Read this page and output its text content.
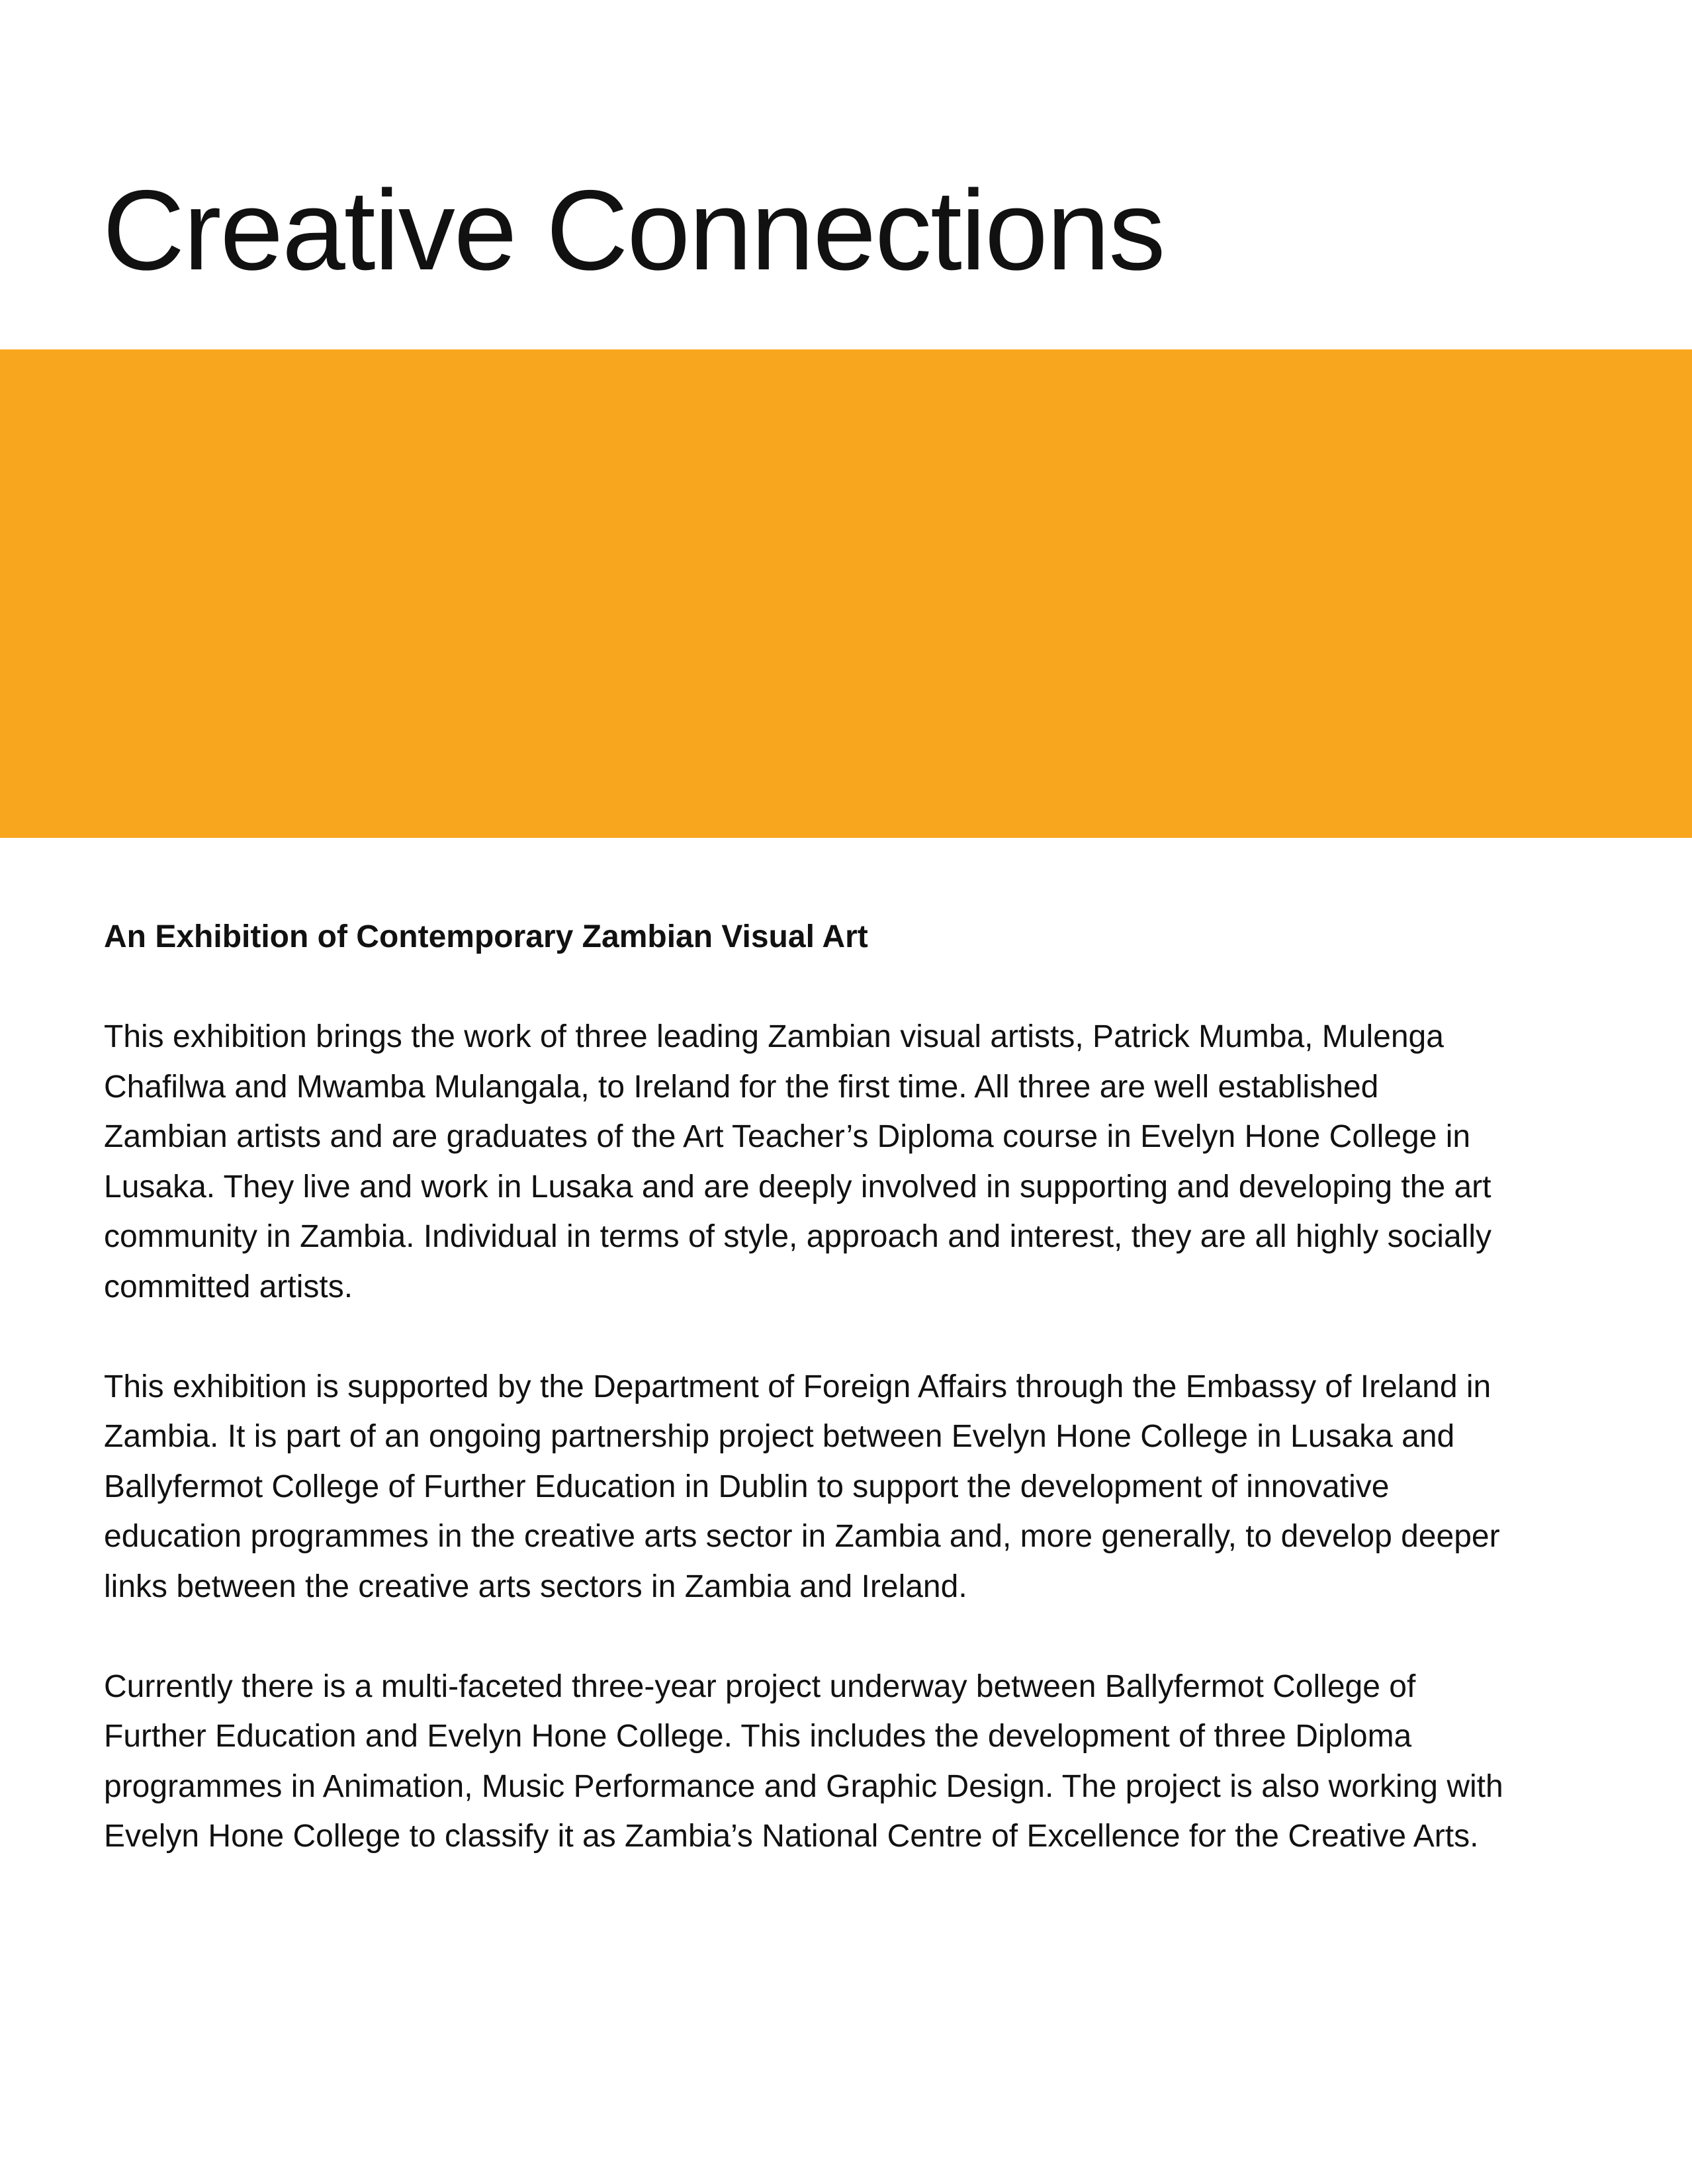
Creative Connections
An Exhibition of Contemporary Zambian Visual Art

This exhibition brings the work of three leading Zambian visual artists, Patrick Mumba, Mulenga Chafilwa and Mwamba Mulangala, to Ireland for the first time. All three are well established Zambian artists and are graduates of the Art Teacher’s Diploma course in Evelyn Hone College in Lusaka. They live and work in Lusaka and are deeply involved in supporting and developing the art community in Zambia. Individual in terms of style, approach and interest, they are all highly socially committed artists.

This exhibition is supported by the Department of Foreign Affairs through the Embassy of Ireland in Zambia. It is part of an ongoing partnership project between Evelyn Hone College in Lusaka and Ballyfermot College of Further Education in Dublin to support the development of innovative education programmes in the creative arts sector in Zambia and, more generally, to develop deeper links between the creative arts sectors in Zambia and Ireland.

Currently there is a multi-faceted three-year project underway between Ballyfermot College of Further Education and Evelyn Hone College. This includes the development of three Diploma programmes in Animation, Music Performance and Graphic Design. The project is also working with Evelyn Hone College to classify it as Zambia’s National Centre of Excellence for the Creative Arts.
